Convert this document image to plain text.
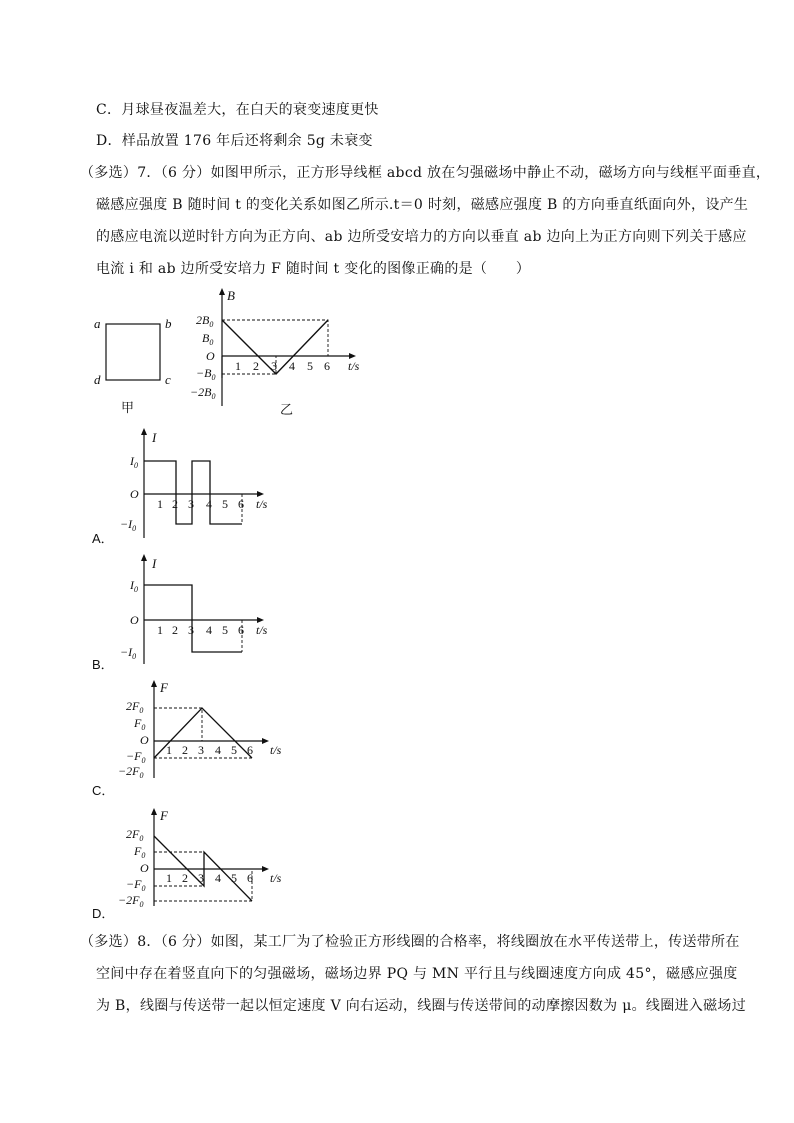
C．月球昼夜温差大，在白天的衰变速度更快
D．样品放置 176 年后还将剩余 5g 未衰变
（多选）7．（6 分）如图甲所示，正方形导线框 abcd 放在匀强磁场中静止不动，磁场方向与线框平面垂直，
磁感应强度 B 随时间 t 的变化关系如图乙所示.t＝0 时刻，磁感应强度 B 的方向垂直纸面向外，设产生
的感应电流以逆时针方向为正方向、ab 边所受安培力的方向以垂直 ab 边向上为正方向则下列关于感应
电流 i 和 ab 边所受安培力 F 随时间 t 变化的图像正确的是（　　）
a	b
c
d
甲
B
$2B_0$
$B_0$
O
$-B_0$
$-2B_0$
1 2 3 4 5 6 t/s
乙
A．
I
$I_0$
O
$-I_0$
1 2 3 4 5 6 t/s
B．
I
$I_0$
O
$-I_0$
1 2 3 4 5 6 t/s
C．
F
$2F_0$
$F_0$
O
$-F_0$
$-2F_0$
1 2 3 4 5 6 t/s
D．
F
$2F_0$
$F_0$
O
$-F_0$
$-2F_0$
1 2 3 4 5 6 t/s
（多选）8．（6 分）如图，某工厂为了检验正方形线圈的合格率，将线圈放在水平传送带上，传送带所在
空间中存在着竖直向下的匀强磁场，磁场边界 PQ 与 MN 平行且与线圈速度方向成 45°，磁感应强度
为 B，线圈与传送带一起以恒定速度 V 向右运动，线圈与传送带间的动摩擦因数为 μ。线圈进入磁场过
